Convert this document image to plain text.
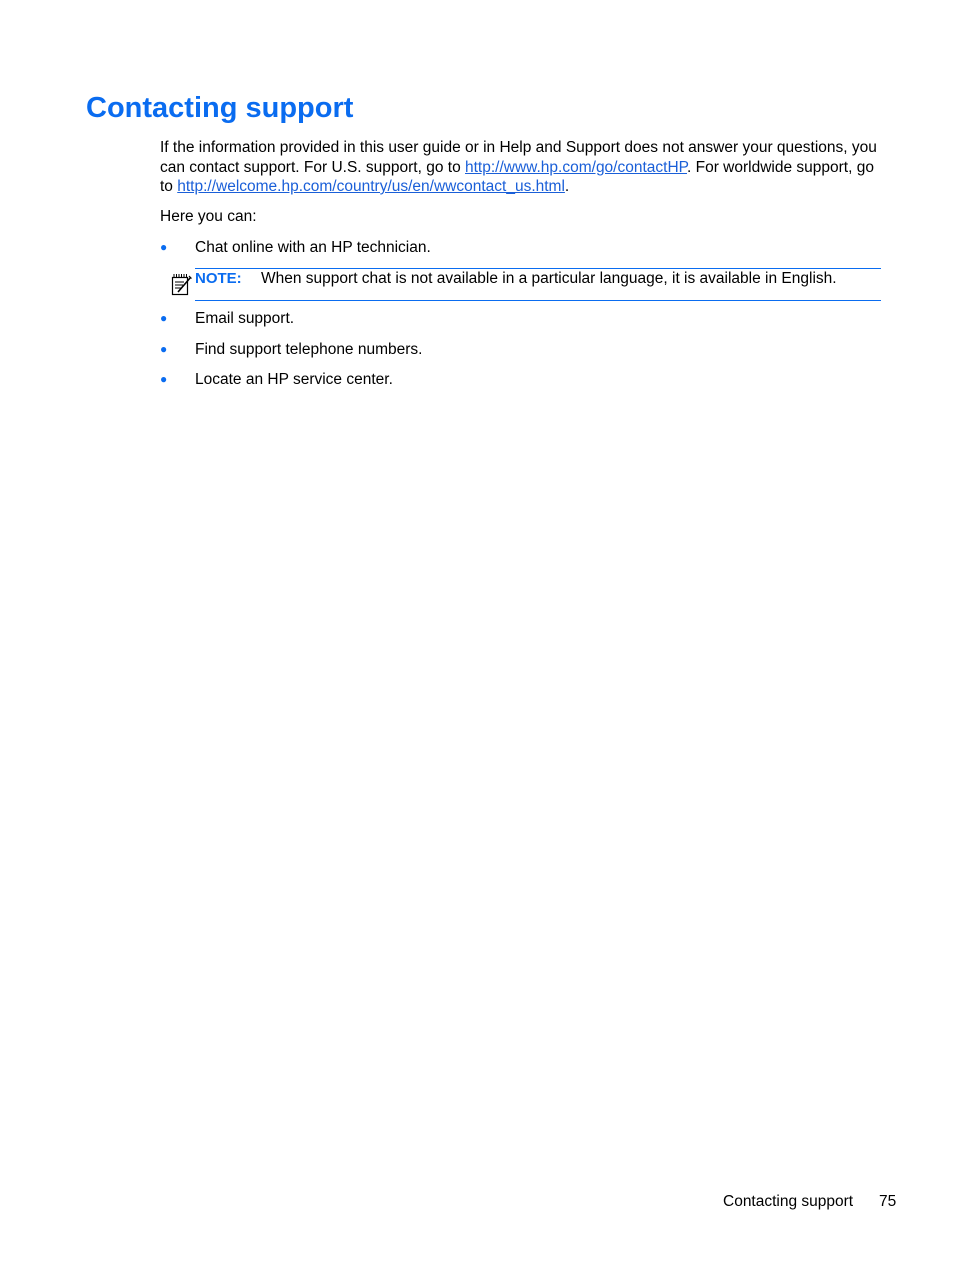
Contacting support

If the information provided in this user guide or in Help and Support does not answer your questions, you can contact support. For U.S. support, go to http://www.hp.com/go/contactHP. For worldwide support, go to http://welcome.hp.com/country/us/en/wwcontact_us.html.

Here you can:

● Chat online with an HP technician.
NOTE: When support chat is not available in a particular language, it is available in English.
● Email support.
● Find support telephone numbers.
● Locate an HP service center.
Contacting support 75
